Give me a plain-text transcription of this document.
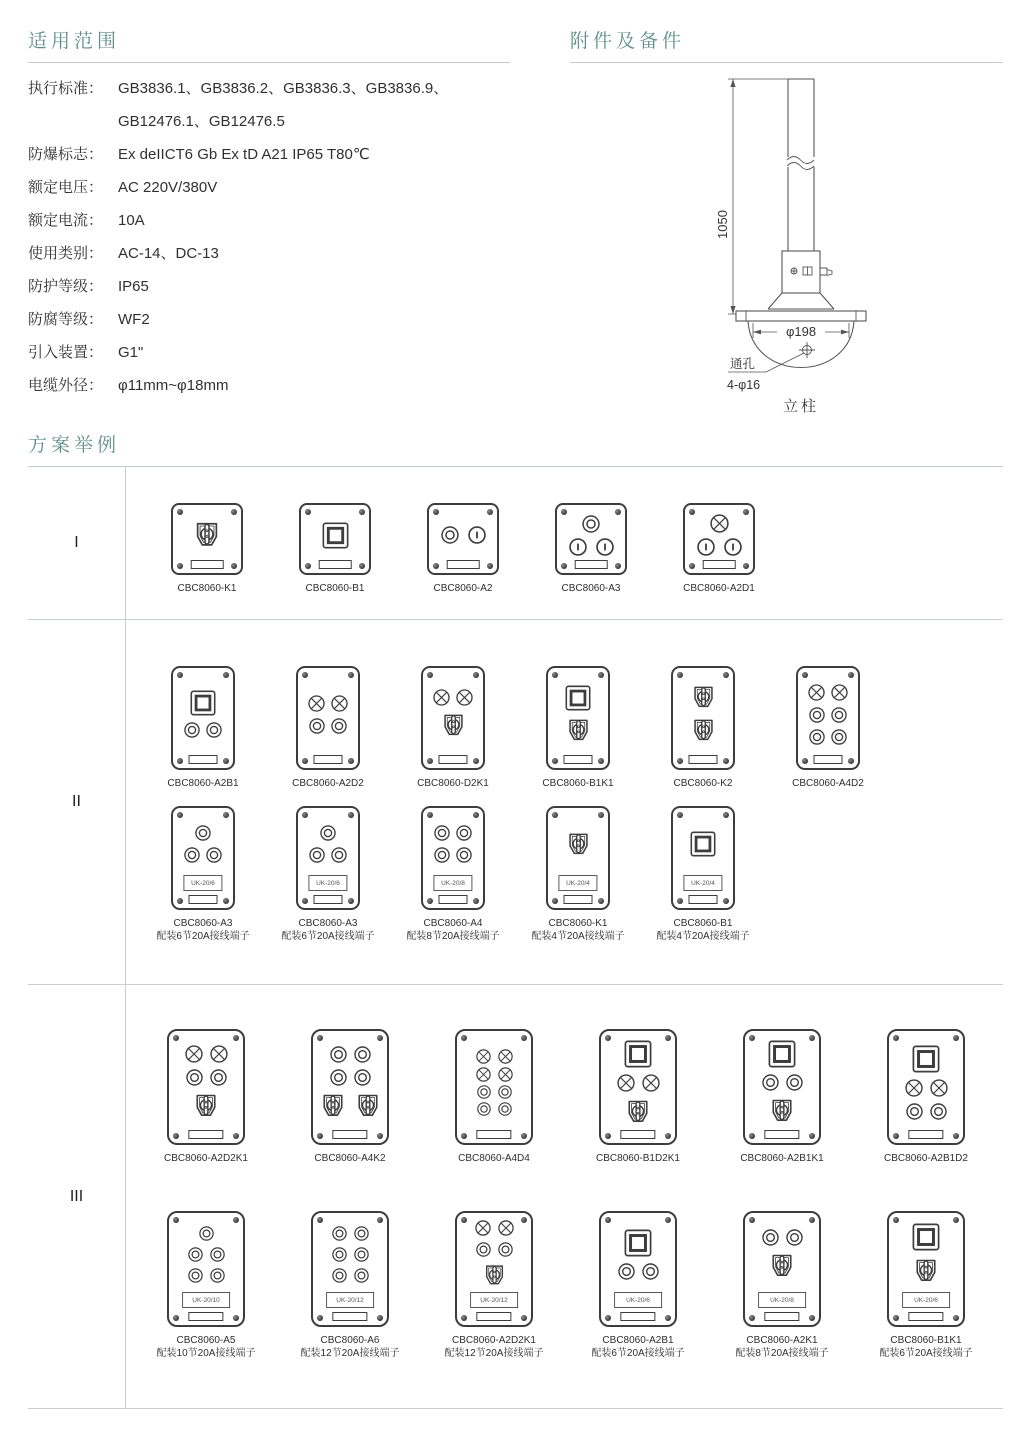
适用范围
执行标准： GB3836.1、GB3836.2、GB3836.3、GB3836.9、
GB12476.1、GB12476.5
防爆标志： Ex deIICT6 Gb Ex tD A21 IP65 T80℃
额定电压： AC 220V/380V
额定电流： 10A
使用类别： AC-14、DC-13
防护等级： IP65
防腐等级： WF2
引入装置： G1"
电缆外径： φ11mm~φ18mm
附件及备件
1050
φ198
通孔
4-φ16
立柱
方案举例
I
CBC8060-K1	CBC8060-B1	CBC8060-A2	CBC8060-A3	CBC8060-A2D1
II
CBC8060-A2B1	CBC8060-A2D2	CBC8060-D2K1	CBC8060-B1K1	CBC8060-K2	CBC8060-A4D2
UK-20/6
CBC8060-A3
配装6节20A接线端子
UK-20/6
CBC8060-A3
配装6节20A接线端子
UK-20/8
CBC8060-A4
配装8节20A接线端子
UK-20/4
CBC8060-K1
配装4节20A接线端子
UK-20/4
CBC8060-B1
配装4节20A接线端子
III
CBC8060-A2D2K1	CBC8060-A4K2	CBC8060-A4D4	CBC8060-B1D2K1	CBC8060-A2B1K1	CBC8060-A2B1D2
UK-20/10
CBC8060-A5
配装10节20A接线端子
UK-20/12
CBC8060-A6
配装12节20A接线端子
UK-20/12
CBC8060-A2D2K1
配装12节20A接线端子
UK-20/6
CBC8060-A2B1
配装6节20A接线端子
UK-20/8
CBC8060-A2K1
配装8节20A接线端子
UK-20/6
CBC8060-B1K1
配装6节20A接线端子
